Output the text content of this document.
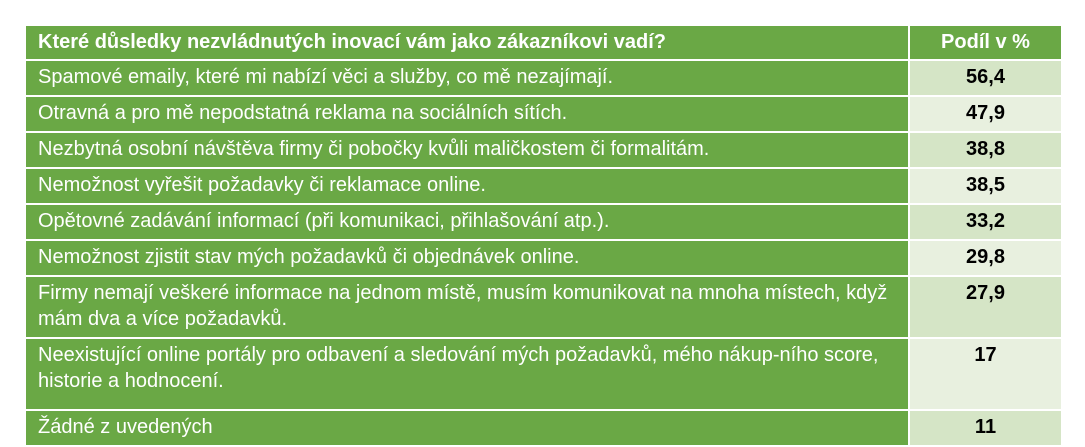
Které důsledky nezvládnutých inovací vám jako zákazníkovi vadí?	Podíl v %
Spamové emaily, které mi nabízí věci a služby, co mě nezajímají.	56,4
Otravná a pro mě nepodstatná reklama na sociálních sítích.	47,9
Nezbytná osobní návštěva firmy či pobočky kvůli maličkostem či formalitám.	38,8
Nemožnost vyřešit požadavky či reklamace online.	38,5
Opětovné zadávání informací (při komunikaci, přihlašování atp.).	33,2
Nemožnost zjistit stav mých požadavků či objednávek online.	29,8
Firmy nemají veškeré informace na jednom místě, musím komunikovat na mnoha místech, když mám dva a více požadavků.	27,9
Neexistující online portály pro odbavení a sledování mých požadavků, mého nákup-ního score, historie a hodnocení.	17
Žádné z uvedených	11
